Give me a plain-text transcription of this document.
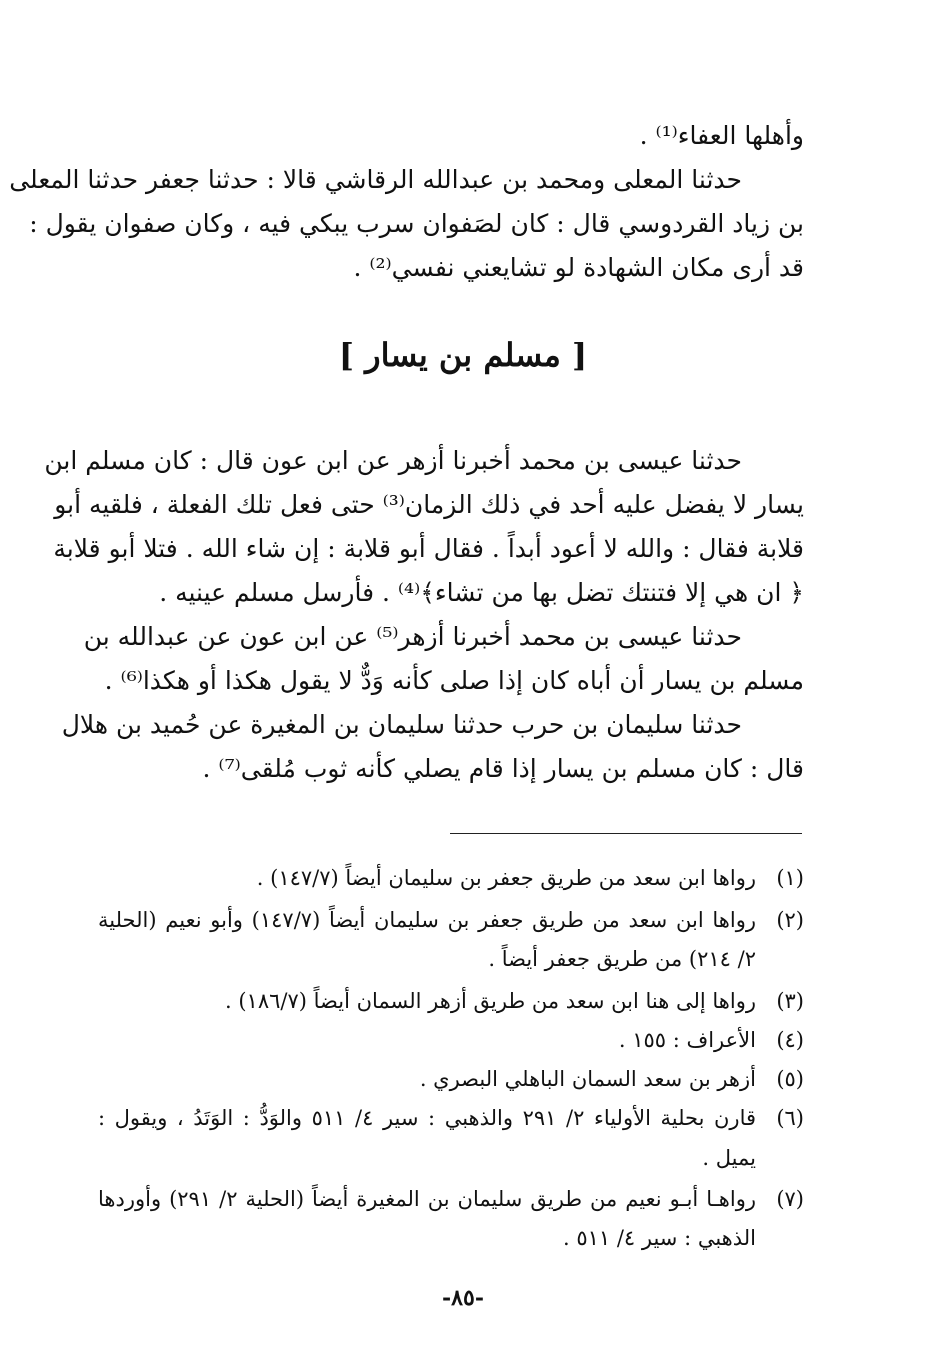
وأهلها العفاء⁽¹⁾ .
حدثنا المعلى ومحمد بن عبدالله الرقاشي قالا : حدثنا جعفر حدثنا المعلى
بن زياد القردوسي قال : كان لصَفوان سرب يبكي فيه ، وكان صفوان يقول :
قد أرى مكان الشهادة لو تشايعني نفسي⁽²⁾ .
[ مسلم بن يسار ]
حدثنا عيسى بن محمد أخبرنا أزهر عن ابن عون قال : كان مسلم ابن
يسار لا يفضل عليه أحد في ذلك الزمان⁽³⁾ حتى فعل تلك الفعلة ، فلقيه أبو
قلابة فقال : والله لا أعود أبداً . فقال أبو قلابة : إن شاء الله . فتلا أبو قلابة
﴿ ان هي إلا فتنتك تضل بها من تشاء﴾⁽⁴⁾ . فأرسل مسلم عينيه .
حدثنا عيسى بن محمد أخبرنا أزهر⁽⁵⁾ عن ابن عون عن عبدالله بن
مسلم بن يسار أن أباه كان إذا صلى كأنه وَدٌّ لا يقول هكذا أو هكذا⁽⁶⁾ .
حدثنا سليمان بن حرب حدثنا سليمان بن المغيرة عن حُميد بن هلال
قال : كان مسلم بن يسار إذا قام يصلي كأنه ثوب مُلقى⁽⁷⁾ .
(١)
رواها ابن سعد من طريق جعفر بن سليمان أيضاً (١٤٧/٧) .
(٢)
رواها ابن سعد من طريق جعفر بن سليمان أيضاً (١٤٧/٧) وأبو نعيم (الحلية
٢/ ٢١٤) من طريق جعفر أيضاً .
(٣)
رواها إلى هنا ابن سعد من طريق أزهر السمان أيضاً (١٨٦/٧) .
(٤)
الأعراف : ١٥٥ .
(٥)
أزهر بن سعد السمان الباهلي البصري .
(٦)
قارن بحلية الأولياء ٢/ ٢٩١ والذهبي : سير ٤/ ٥١١ والوَدُّ : الوَتَدُ ، ويقول :
يميل .
(٧)
رواهـا أبـو نعيم من طريق سليمان بن المغيرة أيضاً (الحلية ٢/ ٢٩١) وأوردها
الذهبي : سير ٤/ ٥١١ .
-٨٥-
